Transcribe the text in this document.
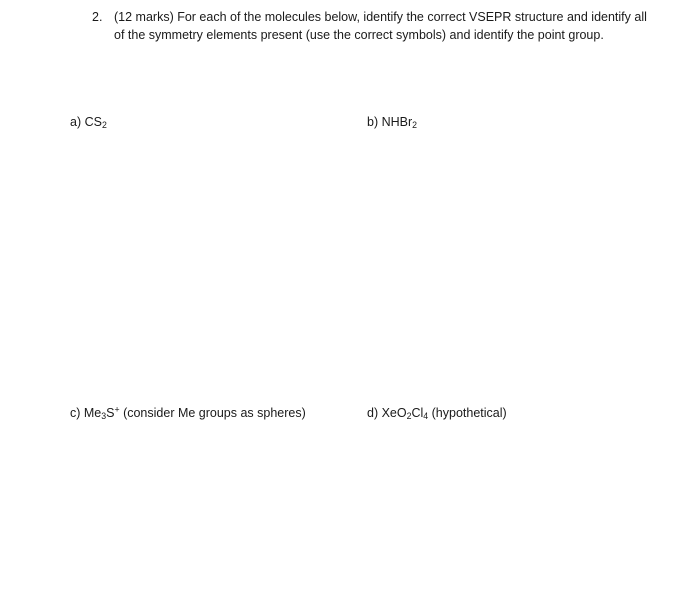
2. (12 marks) For each of the molecules below, identify the correct VSEPR structure and identify all of the symmetry elements present (use the correct symbols) and identify the point group.
a) $CS_2$	b) NHBr$_2$
c) $Me_3S^+$ (consider Me groups as spheres)	d) $XeO_2Cl_4$ (hypothetical)
